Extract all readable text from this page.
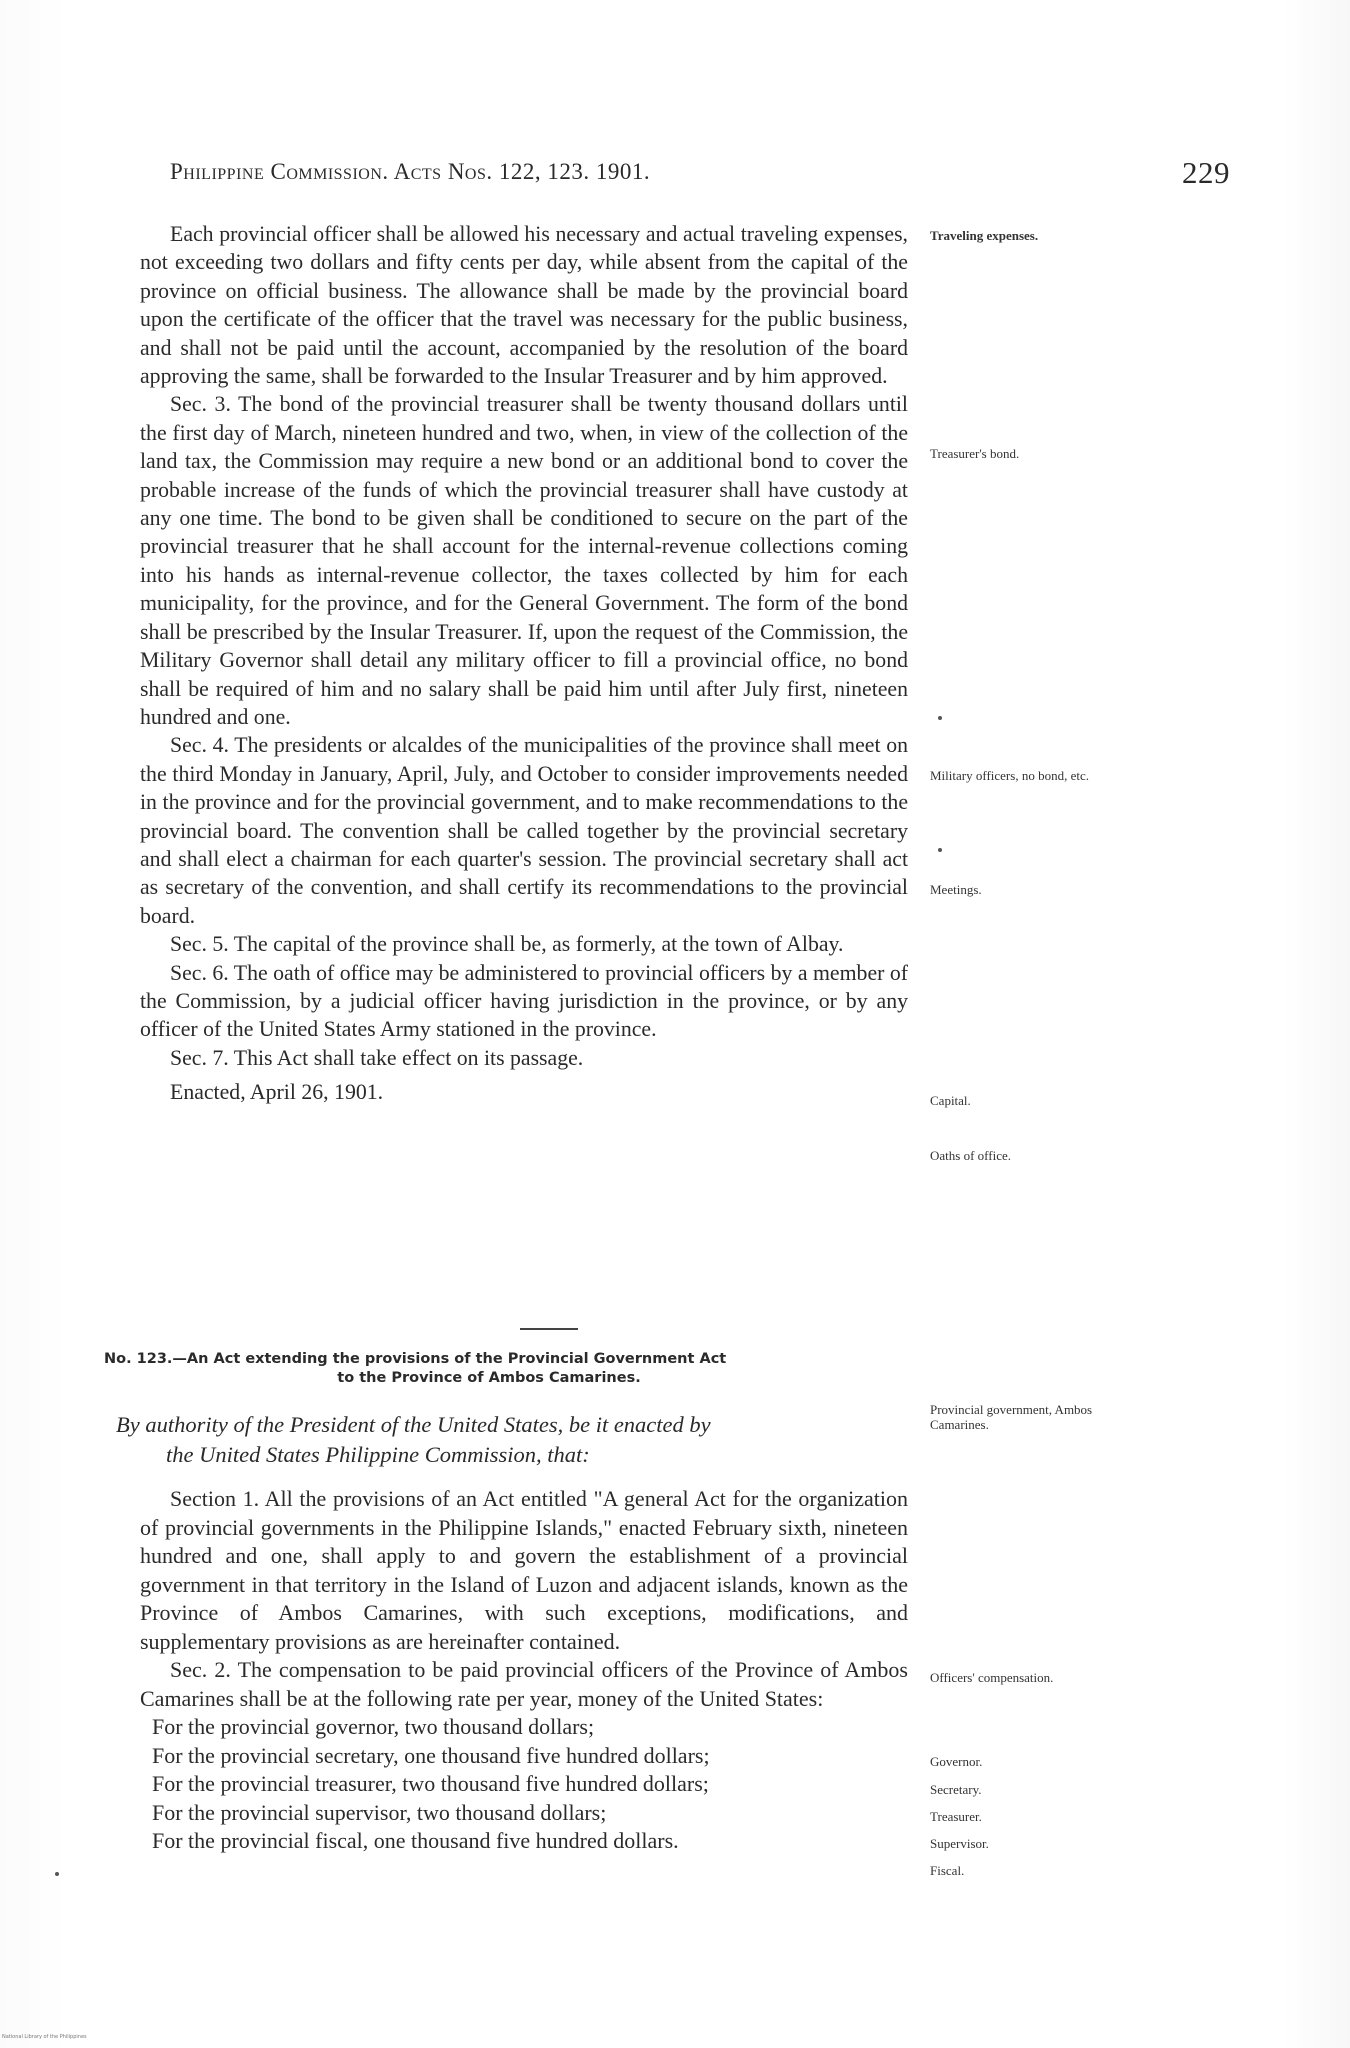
Philippine Commission. Acts Nos. 122, 123. 1901.	229

Each provincial officer shall be allowed his necessary and actual traveling expenses, not exceeding two dollars and fifty cents per day, while absent from the capital of the province on official business. The allowance shall be made by the provincial board upon the certificate of the officer that the travel was necessary for the public business, and shall not be paid until the account, accompanied by the resolution of the board approving the same, shall be forwarded to the Insular Treasurer and by him approved.

Sec. 3. The bond of the provincial treasurer shall be twenty thousand dollars until the first day of March, nineteen hundred and two, when, in view of the collection of the land tax, the Commission may require a new bond or an additional bond to cover the probable increase of the funds of which the provincial treasurer shall have custody at any one time. The bond to be given shall be conditioned to secure on the part of the provincial treasurer that he shall account for the internal-revenue collections coming into his hands as internal-revenue collector, the taxes collected by him for each municipality, for the province, and for the General Government. The form of the bond shall be prescribed by the Insular Treasurer. If, upon the request of the Commission, the Military Governor shall detail any military officer to fill a provincial office, no bond shall be required of him and no salary shall be paid him until after July first, nineteen hundred and one.

Sec. 4. The presidents or alcaldes of the municipalities of the province shall meet on the third Monday in January, April, July, and October to consider improvements needed in the province and for the provincial government, and to make recommendations to the provincial board. The convention shall be called together by the provincial secretary and shall elect a chairman for each quarter's session. The provincial secretary shall act as secretary of the convention, and shall certify its recommendations to the provincial board.

Sec. 5. The capital of the province shall be, as formerly, at the town of Albay.

Sec. 6. The oath of office may be administered to provincial officers by a member of the Commission, by a judicial officer having jurisdiction in the province, or by any officer of the United States Army stationed in the province.

Sec. 7. This Act shall take effect on its passage.

Enacted, April 26, 1901.

No. 123.—An Act extending the provisions of the Provincial Government Act
to the Province of Ambos Camarines.
By authority of the President of the United States, be it enacted by
the United States Philippine Commission, that:

Section 1. All the provisions of an Act entitled "A general Act for the organization of provincial governments in the Philippine Islands," enacted February sixth, nineteen hundred and one, shall apply to and govern the establishment of a provincial government in that territory in the Island of Luzon and adjacent islands, known as the Province of Ambos Camarines, with such exceptions, modifications, and supplementary provisions as are hereinafter contained.

Sec. 2. The compensation to be paid provincial officers of the Province of Ambos Camarines shall be at the following rate per year, money of the United States:

For the provincial governor, two thousand dollars;
For the provincial secretary, one thousand five hundred dollars;
For the provincial treasurer, two thousand five hundred dollars;
For the provincial supervisor, two thousand dollars;
For the provincial fiscal, one thousand five hundred dollars.
Traveling expenses.
Treasurer's bond.
Military officers, no bond, etc.
Meetings.
Capital.
Oaths of office.
Provincial government, Ambos Camarines.
Officers' compensation.
Governor.
Secretary.
Treasurer.
Supervisor.
Fiscal.
National Library of the Philippines
